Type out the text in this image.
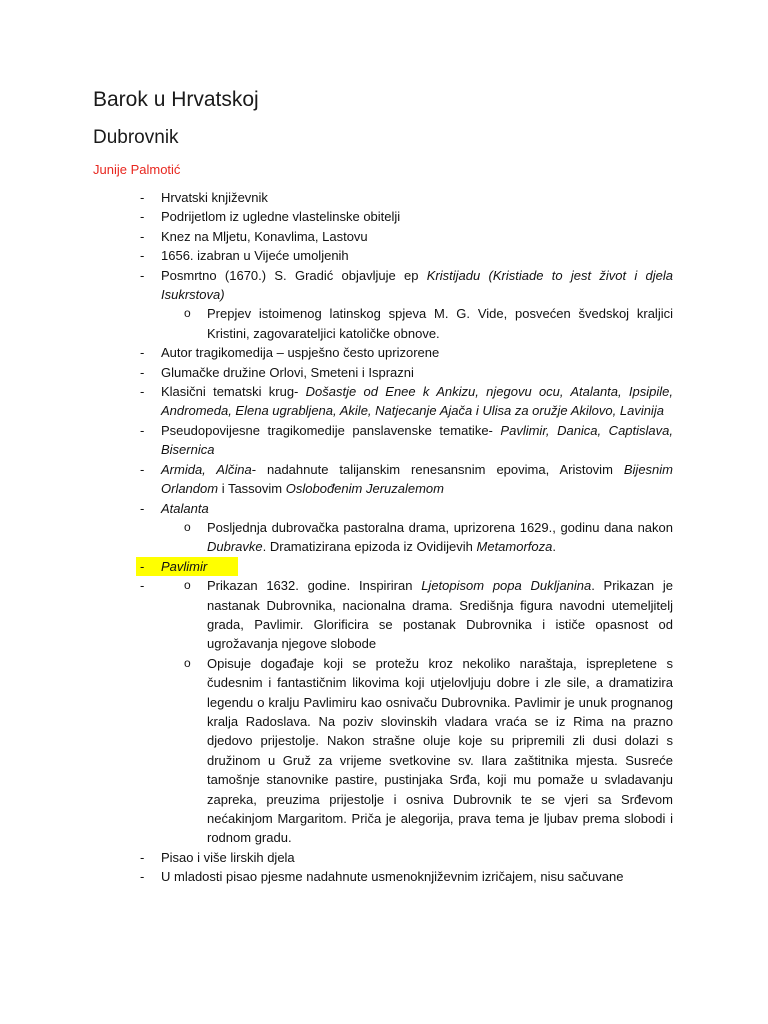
Barok u Hrvatskoj
Dubrovnik

Junije Palmotić

- Hrvatski književnik
- Podrijetlom iz ugledne vlastelinske obitelji
- Knez na Mljetu, Konavlima, Lastovu
- 1656. izabran u Vijeće umoljenih
- Posmrtno (1670.) S. Gradić objavljuje ep Kristijadu (Kristiade to jest život i djela Isukrstova)
o Prepjev istoimenog latinskog spjeva M. G. Vide, posvećen švedskoj kraljici Kristini, zagovarateljici katoličke obnove.
- Autor tragikomedija – uspješno često uprizorene
- Glumačke družine Orlovi, Smeteni i Isprazni
- Klasični tematski krug- Došastje od Enee k Ankizu, njegovu ocu, Atalanta, Ipsipile, Andromeda, Elena ugrabljena, Akile, Natjecanje Ajača i Ulisa za oružje Akilovo, Lavinija
- Pseudopovijesne tragikomedije panslavenske tematike- Pavlimir, Danica, Captislava, Bisernica
- Armida, Alčina- nadahnute talijanskim renesansnim epovima, Aristovim Bijesnim Orlandom i Tassovim Oslobođenim Jeruzalemom
- Atalanta
o Posljednja dubrovačka pastoralna drama, uprizorena 1629., godinu dana nakon Dubravke. Dramatizirana epizoda iz Ovidijevih Metamorfoza.
- Pavlimir
o - Prikazan 1632. godine. Inspiriran Ljetopisom popa Dukljanina. Prikazan je nastanak Dubrovnika, nacionalna drama. Središnja figura navodni utemeljitelj grada, Pavlimir. Glorificira se postanak Dubrovnika i ističe opasnost od ugrožavanja njegove slobode
o Opisuje događaje koji se protežu kroz nekoliko naraštaja, isprepletene s čudesnim i fantastičnim likovima koji utjelovljuju dobre i zle sile, a dramatizira legendu o kralju Pavlimiru kao osnivaču Dubrovnika. Pavlimir je unuk prognanog kralja Radoslava. Na poziv slovinskih vladara vraća se iz Rima na prazno djedovo prijestolje. Nakon strašne oluje koje su pripremili zli dusi dolazi s družinom u Gruž za vrijeme svetkovine sv. Ilara zaštitnika mjesta. Susreće tamošnje stanovnike pastire, pustinjaka Srđa, koji mu pomaže u svladavanju zapreka, preuzima prijestolje i osniva Dubrovnik te se vjeri sa Srđevom nećakinjom Margaritom. Priča je alegorija, prava tema je ljubav prema slobodi i rodnom gradu.
- Pisao i više lirskih djela
- U mladosti pisao pjesme nadahnute usmenoknjiževnim izričajem, nisu sačuvane
